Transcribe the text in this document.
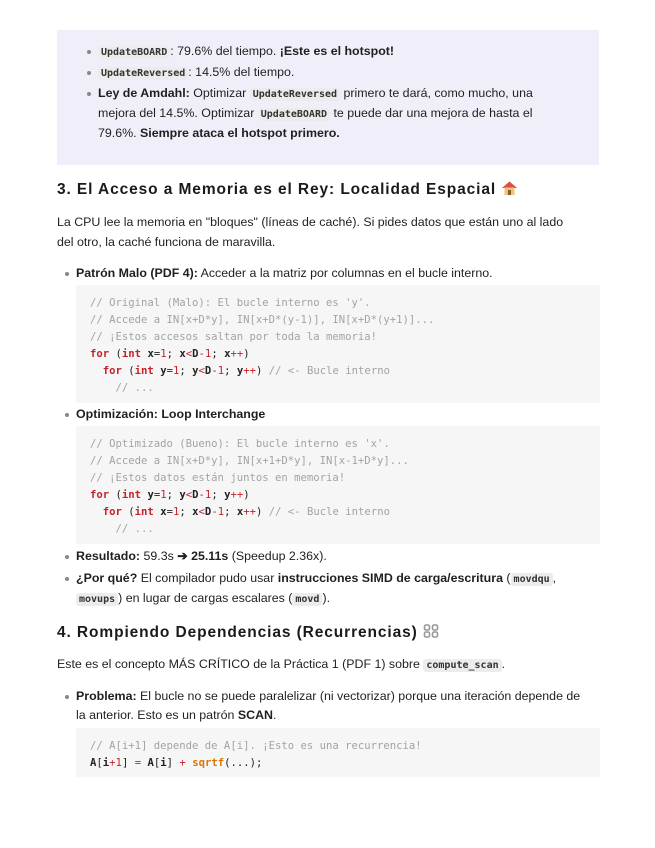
UpdateBOARD : 79.6% del tiempo. ¡Este es el hotspot!
UpdateReversed : 14.5% del tiempo.
Ley de Amdahl: Optimizar UpdateReversed primero te dará, como mucho, una
mejora del 14.5%. Optimizar UpdateBOARD te puede dar una mejora de hasta el
79.6%. Siempre ataca el hotspot primero.
3. El Acceso a Memoria es el Rey: Localidad Espacial

La CPU lee la memoria en "bloques" (líneas de caché). Si pides datos que están uno al lado
del otro, la caché funciona de maravilla.

Patrón Malo (PDF 4): Acceder a la matriz por columnas en el bucle interno.
// Original (Malo): El bucle interno es 'y'.
// Accede a IN[x+D*y], IN[x+D*(y-1)], IN[x+D*(y+1)]...
// ¡Estos accesos saltan por toda la memoria!
for (int x=1; x<D-1; x++)
for (int y=1; y<D-1; y++) // <- Bucle interno
// ...
Optimización: Loop Interchange
// Optimizado (Bueno): El bucle interno es 'x'.
// Accede a IN[x+D*y], IN[x+1+D*y], IN[x-1+D*y]...
// ¡Estos datos están juntos en memoria!
for (int y=1; y<D-1; y++)
for (int x=1; x<D-1; x++) // <- Bucle interno
// ...
Resultado: 59.3s ➔ 25.11s (Speedup 2.36x).
¿Por qué? El compilador pudo usar instrucciones SIMD de carga/escritura ( movdqu ,
movups ) en lugar de cargas escalares ( movd ).
4. Rompiendo Dependencias (Recurrencias)

Este es el concepto MÁS CRÍTICO de la Práctica 1 (PDF 1) sobre compute_scan .

Problema: El bucle no se puede paralelizar (ni vectorizar) porque una iteración depende de
la anterior. Esto es un patrón SCAN.
// A[i+1] depende de A[i]. ¡Esto es una recurrencia!
A[i+1] = A[i] + sqrtf(...);
